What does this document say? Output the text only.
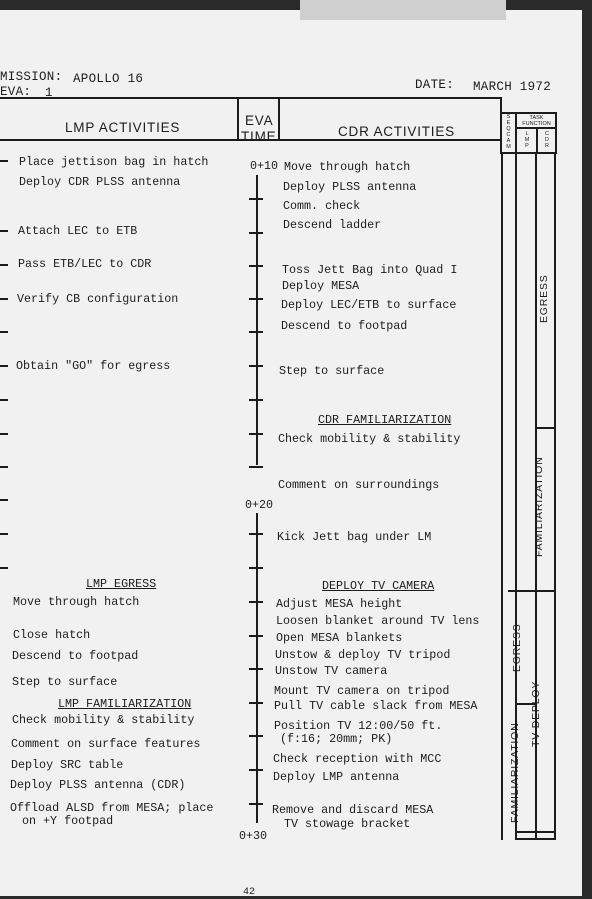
MISSION: APOLLO 16
EVA: 1
DATE: MARCH 1972
LMP ACTIVITIES	EVA
TIME	CDR ACTIVITIES
S
E
Q
C
A
M
TASK FUNCTION
L
M
P
C
D
R
0+10
0+20
0+30
Place jettison bag in hatch
Deploy CDR PLSS antenna
Attach LEC to ETB
Pass ETB/LEC to CDR
Verify CB configuration
Obtain "GO" for egress
LMP EGRESS
Move through hatch
Close hatch
Descend to footpad
Step to surface
LMP FAMILIARIZATION
Check mobility & stability
Comment on surface features
Deploy SRC table
Deploy PLSS antenna (CDR)
Offload ALSD from MESA; place
on +Y footpad
Move through hatch
Deploy PLSS antenna
Comm. check
Descend ladder
Toss Jett Bag into Quad I
Deploy MESA
Deploy LEC/ETB to surface
Descend to footpad
Step to surface
CDR FAMILIARIZATION
Check mobility & stability
Comment on surroundings
Kick Jett bag under LM
DEPLOY TV CAMERA
Adjust MESA height
Loosen blanket around TV lens
Open MESA blankets
Unstow & deploy TV tripod
Unstow TV camera
Mount TV camera on tripod
Pull TV cable slack from MESA
Position TV 12:00/50 ft.
(f:16; 20mm; PK)
Check reception with MCC
Deploy LMP antenna
Remove and discard MESA
TV stowage bracket
EGRESS
FAMILIARIZATION
TV DEPLOY
EGRESS
FAMILIARIZATION
42
